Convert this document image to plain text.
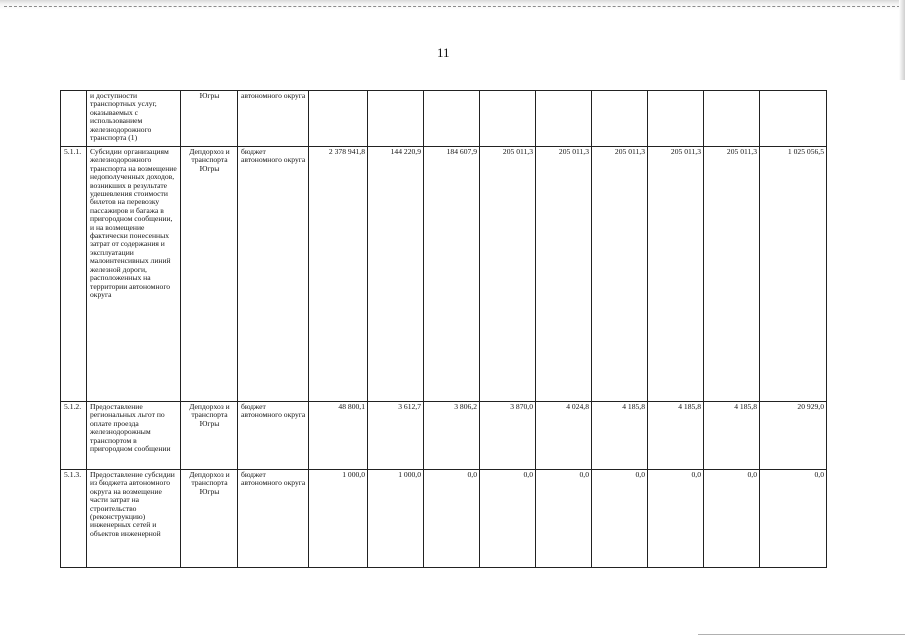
11
	и доступности транспортных услуг, оказываемых с использованием железнодорожного транспорта (1)	Югры	автономного округа									
5.1.1.	Субсидии организациям железнодорожного транспорта на возмещение недополученных доходов, возникших в результате удешевления стоимости билетов на перевозку пассажиров и багажа в пригородном сообщении, и на возмещение фактически понесенных затрат от содержания и эксплуатации малоинтенсивных линий железной дороги, расположенных на территории автономного округа	Депдорхоз и транспорта Югры	бюджет автономного округа	2 378 941,8	144 220,9	184 607,9	205 011,3	205 011,3	205 011,3	205 011,3	205 011,3	1 025 056,5
5.1.2.	Предоставление региональных льгот по оплате проезда железнодорожным транспортом в пригородном сообщении	Депдорхоз и транспорта Югры	бюджет автономного округа	48 800,1	3 612,7	3 806,2	3 870,0	4 024,8	4 185,8	4 185,8	4 185,8	20 929,0
5.1.3.	Предоставление субсидии из бюджета автономного округа на возмещение части затрат на строительство (реконструкцию) инженерных сетей и объектов инженерной	Депдорхоз и транспорта Югры	бюджет автономного округа	1 000,0	1 000,0	0,0	0,0	0,0	0,0	0,0	0,0	0,0
